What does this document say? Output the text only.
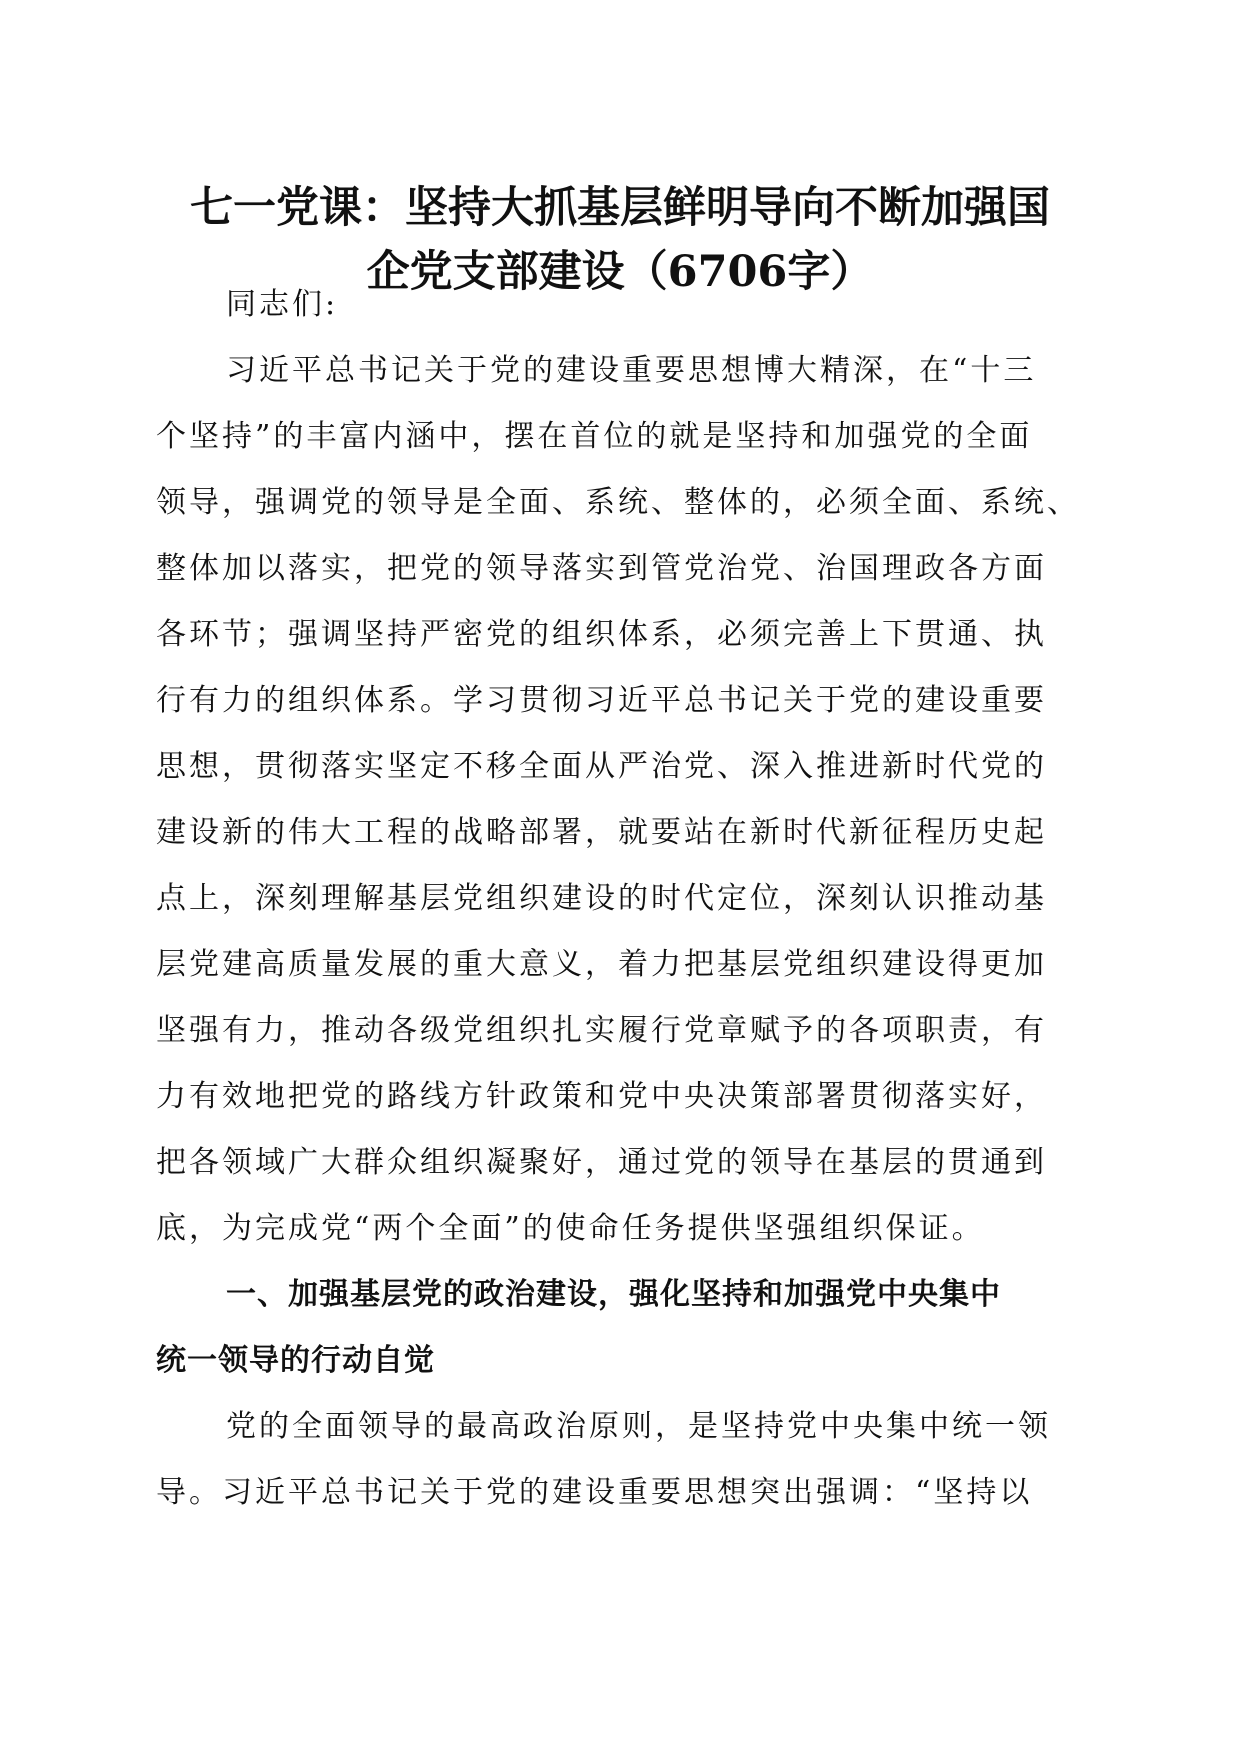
七一党课：坚持大抓基层鲜明导向不断加强国
企党支部建设（6706字）
同志们:
习近平总书记关于党的建设重要思想博大精深，在“十三
个坚持”的丰富内涵中，摆在首位的就是坚持和加强党的全面
领导，强调党的领导是全面、系统、整体的，必须全面、系统、
整体加以落实，把党的领导落实到管党治党、治国理政各方面
各环节；强调坚持严密党的组织体系，必须完善上下贯通、执
行有力的组织体系。学习贯彻习近平总书记关于党的建设重要
思想，贯彻落实坚定不移全面从严治党、深入推进新时代党的
建设新的伟大工程的战略部署，就要站在新时代新征程历史起
点上，深刻理解基层党组织建设的时代定位，深刻认识推动基
层党建高质量发展的重大意义，着力把基层党组织建设得更加
坚强有力，推动各级党组织扎实履行党章赋予的各项职责，有
力有效地把党的路线方针政策和党中央决策部署贯彻落实好，
把各领域广大群众组织凝聚好，通过党的领导在基层的贯通到
底，为完成党“两个全面”的使命任务提供坚强组织保证。
一、加强基层党的政治建设，强化坚持和加强党中央集中
统一领导的行动自觉
党的全面领导的最高政治原则，是坚持党中央集中统一领
导。习近平总书记关于党的建设重要思想突出强调：“坚持以
